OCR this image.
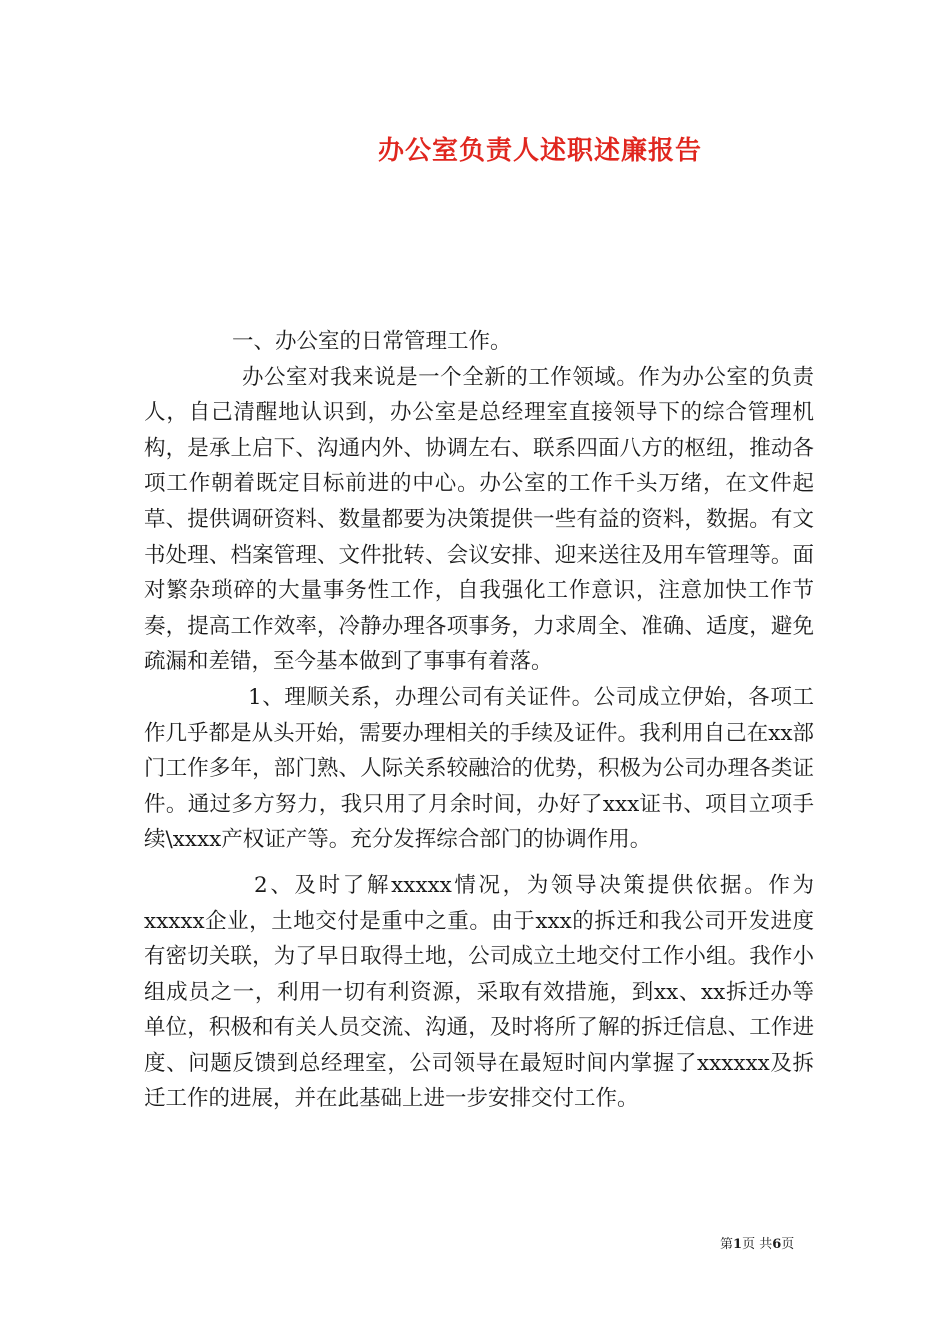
办公室负责人述职述廉报告

一、办公室的日常管理工作。

办公室对我来说是一个全新的工作领域。作为办公室的负责人，自己清醒地认识到，办公室是总经理室直接领导下的综合管理机构，是承上启下、沟通内外、协调左右、联系四面八方的枢纽，推动各项工作朝着既定目标前进的中心。办公室的工作千头万绪，在文件起草、提供调研资料、数量都要为决策提供一些有益的资料，数据。有文书处理、档案管理、文件批转、会议安排、迎来送往及用车管理等。面对繁杂琐碎的大量事务性工作，自我强化工作意识，注意加快工作节奏，提高工作效率，冷静办理各项事务，力求周全、准确、适度，避免疏漏和差错，至今基本做到了事事有着落。

1、理顺关系，办理公司有关证件。公司成立伊始，各项工作几乎都是从头开始，需要办理相关的手续及证件。我利用自己在xx部门工作多年，部门熟、人际关系较融洽的优势，积极为公司办理各类证件。通过多方努力，我只用了月余时间，办好了xxx证书、项目立项手续\xxxx产权证产等。充分发挥综合部门的协调作用。

2、及时了解xxxxx情况，为领导决策提供依据。作为xxxxx企业，土地交付是重中之重。由于xxx的拆迁和我公司开发进度有密切关联，为了早日取得土地，公司成立土地交付工作小组。我作小组成员之一，利用一切有利资源，采取有效措施，到xx、xx拆迁办等单位，积极和有关人员交流、沟通，及时将所了解的拆迁信息、工作进度、问题反馈到总经理室，公司领导在最短时间内掌握了xxxxxx及拆迁工作的进展，并在此基础上进一步安排交付工作。

第1页 共6页
